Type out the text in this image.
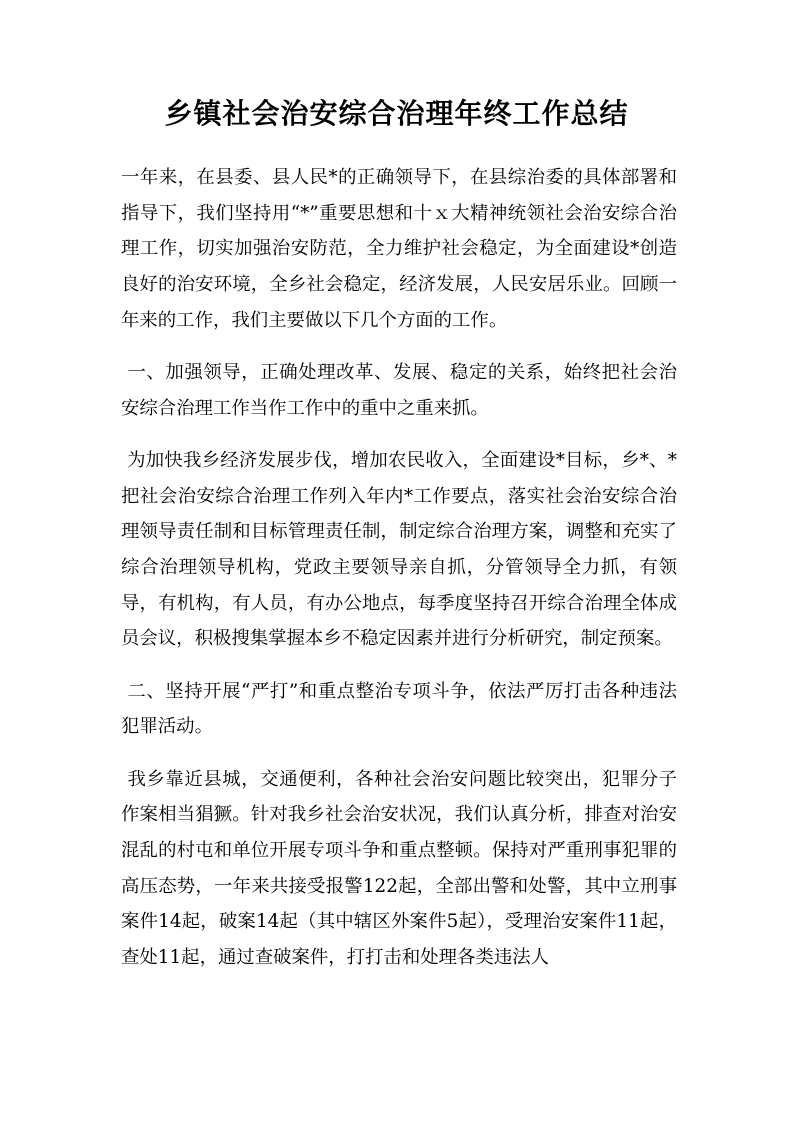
乡镇社会治安综合治理年终工作总结

一年来，在县委、县人民*的正确领导下，在县综治委的具体部署和指导下，我们坚持用“*”重要思想和十ｘ大精神统领社会治安综合治理工作，切实加强治安防范，全力维护社会稳定，为全面建设*创造良好的治安环境，全乡社会稳定，经济发展，人民安居乐业。回顾一年来的工作，我们主要做以下几个方面的工作。

一、加强领导，正确处理改革、发展、稳定的关系，始终把社会治安综合治理工作当作工作中的重中之重来抓。

为加快我乡经济发展步伐，增加农民收入，全面建设*目标，乡*、*把社会治安综合治理工作列入年内*工作要点，落实社会治安综合治理领导责任制和目标管理责任制，制定综合治理方案，调整和充实了综合治理领导机构，党政主要领导亲自抓，分管领导全力抓，有领导，有机构，有人员，有办公地点，每季度坚持召开综合治理全体成员会议，积极搜集掌握本乡不稳定因素并进行分析研究，制定预案。

二、坚持开展“严打”和重点整治专项斗争，依法严厉打击各种违法犯罪活动。

我乡靠近县城，交通便利，各种社会治安问题比较突出，犯罪分子作案相当猖獗。针对我乡社会治安状况，我们认真分析，排查对治安混乱的村屯和单位开展专项斗争和重点整顿。保持对严重刑事犯罪的高压态势，一年来共接受报警122起，全部出警和处警，其中立刑事案件14起，破案14起（其中辖区外案件5起），受理治安案件11起，查处11起，通过查破案件，打打击和处理各类违法人
